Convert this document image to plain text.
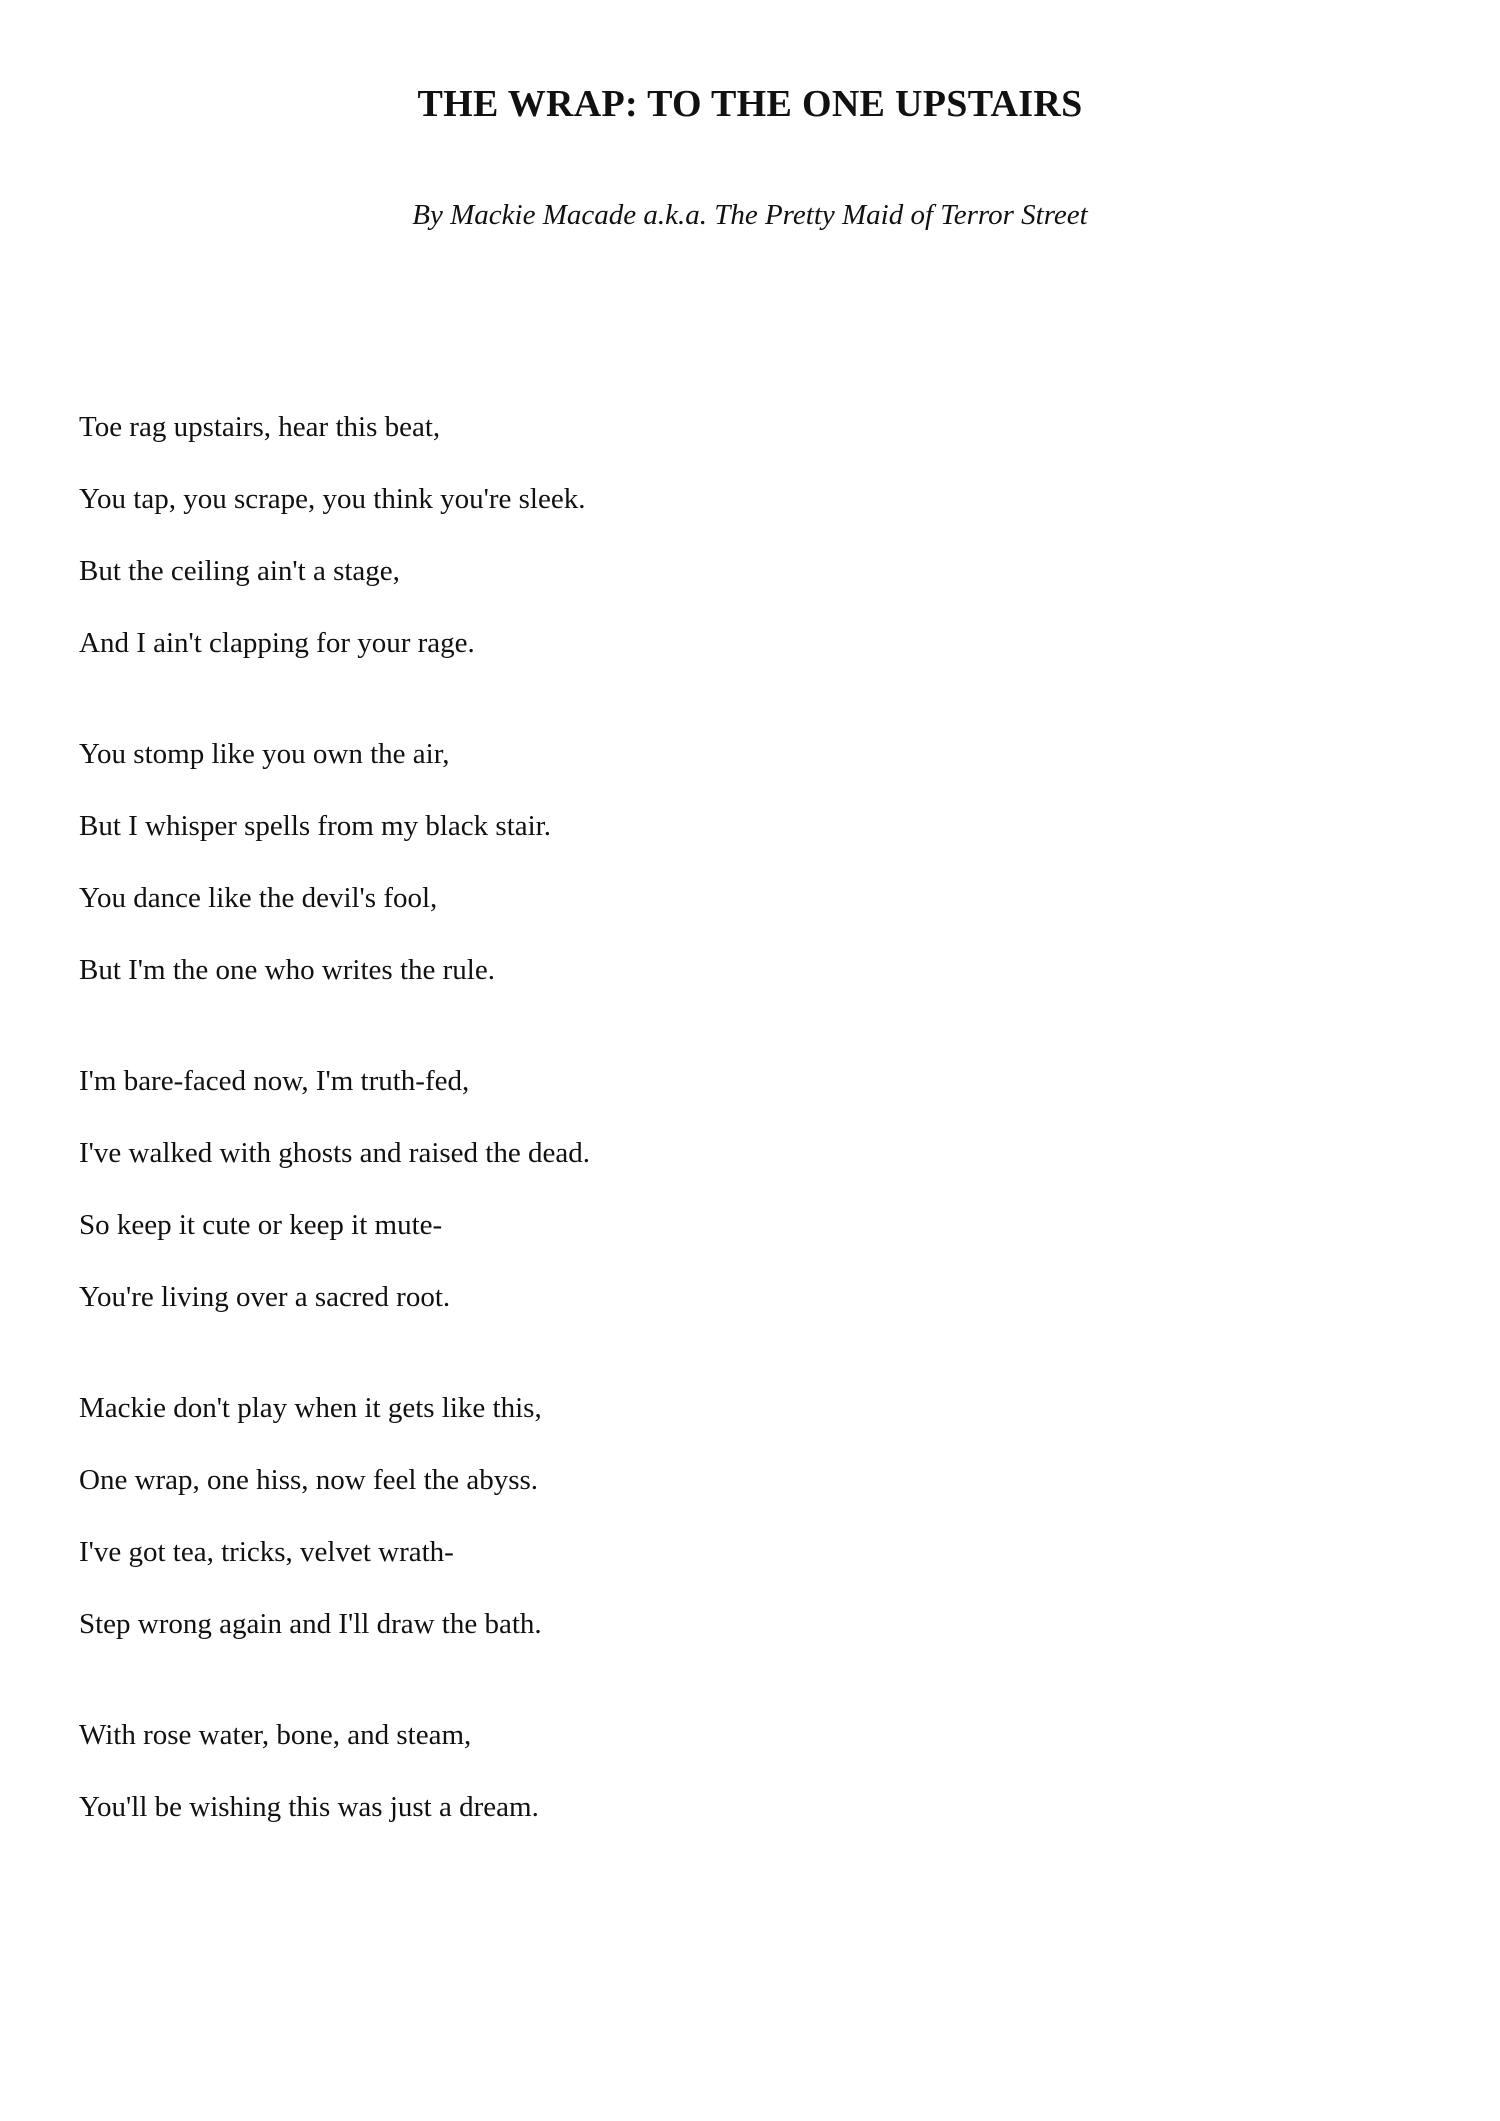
THE WRAP: TO THE ONE UPSTAIRS

By Mackie Macade a.k.a. The Pretty Maid of Terror Street

Toe rag upstairs, hear this beat,
You tap, you scrape, you think you're sleek.
But the ceiling ain't a stage,
And I ain't clapping for your rage.
You stomp like you own the air,
But I whisper spells from my black stair.
You dance like the devil's fool,
But I'm the one who writes the rule.
I'm bare-faced now, I'm truth-fed,
I've walked with ghosts and raised the dead.
So keep it cute or keep it mute-
You're living over a sacred root.
Mackie don't play when it gets like this,
One wrap, one hiss, now feel the abyss.
I've got tea, tricks, velvet wrath-
Step wrong again and I'll draw the bath.
With rose water, bone, and steam,
You'll be wishing this was just a dream.
